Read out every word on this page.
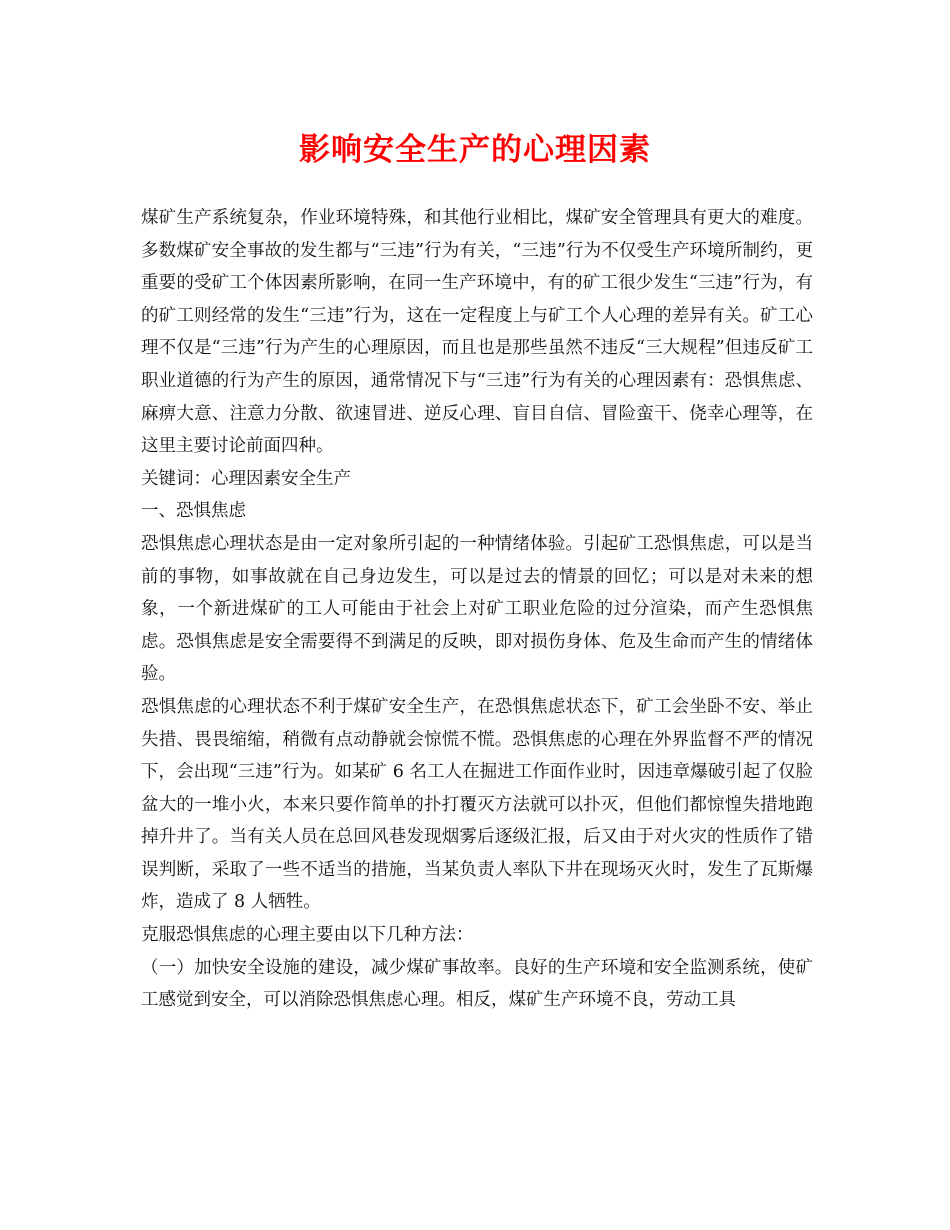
影响安全生产的心理因素

煤矿生产系统复杂，作业环境特殊，和其他行业相比，煤矿安全管理具有更大的难度。多数煤矿安全事故的发生都与“三违”行为有关，“三违”行为不仅受生产环境所制约，更重要的受矿工个体因素所影响，在同一生产环境中，有的矿工很少发生“三违”行为，有的矿工则经常的发生“三违”行为，这在一定程度上与矿工个人心理的差异有关。矿工心理不仅是“三违”行为产生的心理原因，而且也是那些虽然不违反“三大规程”但违反矿工职业道德的行为产生的原因，通常情况下与“三违”行为有关的心理因素有：恐惧焦虑、麻痹大意、注意力分散、欲速冒进、逆反心理、盲目自信、冒险蛮干、侥幸心理等，在这里主要讨论前面四种。

关键词：心理因素安全生产

一、恐惧焦虑

恐惧焦虑心理状态是由一定对象所引起的一种情绪体验。引起矿工恐惧焦虑，可以是当前的事物，如事故就在自己身边发生，可以是过去的情景的回忆；可以是对未来的想象，一个新进煤矿的工人可能由于社会上对矿工职业危险的过分渲染，而产生恐惧焦虑。恐惧焦虑是安全需要得不到满足的反映，即对损伤身体、危及生命而产生的情绪体验。

恐惧焦虑的心理状态不利于煤矿安全生产，在恐惧焦虑状态下，矿工会坐卧不安、举止失措、畏畏缩缩，稍微有点动静就会惊慌不慌。恐惧焦虑的心理在外界监督不严的情况下，会出现“三违”行为。如某矿 6 名工人在掘进工作面作业时，因违章爆破引起了仅脸盆大的一堆小火，本来只要作简单的扑打覆灭方法就可以扑灭，但他们都惊惶失措地跑掉升井了。当有关人员在总回风巷发现烟雾后逐级汇报，后又由于对火灾的性质作了错误判断，采取了一些不适当的措施，当某负责人率队下井在现场灭火时，发生了瓦斯爆炸，造成了 8 人牺牲。

克服恐惧焦虑的心理主要由以下几种方法：

（一）加快安全设施的建设，减少煤矿事故率。良好的生产环境和安全监测系统，使矿工感觉到安全，可以消除恐惧焦虑心理。相反，煤矿生产环境不良，劳动工具
